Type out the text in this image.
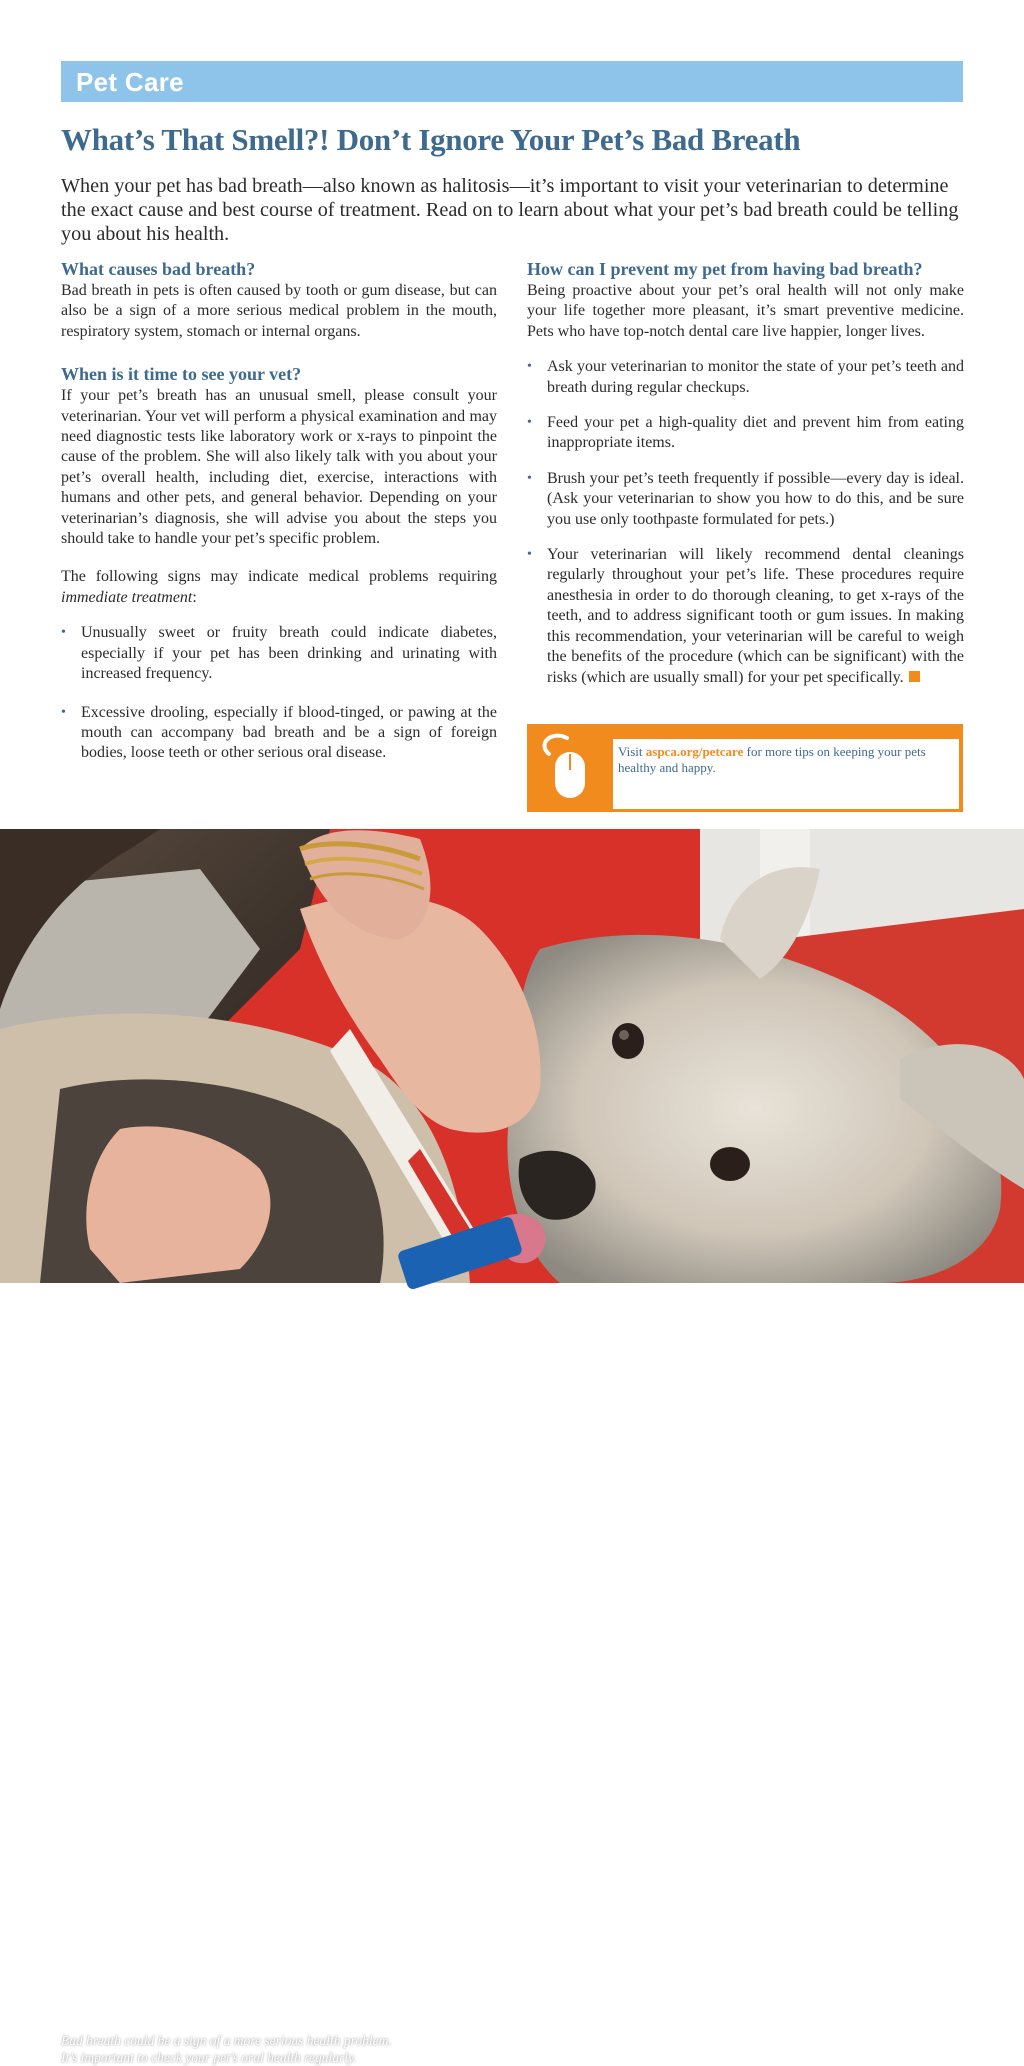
Pet Care
What’s That Smell?! Don’t Ignore Your Pet’s Bad Breath

When your pet has bad breath—also known as halitosis—it’s important to visit your veterinarian to determine the exact cause and best course of treatment. Read on to learn about what your pet’s bad breath could be telling you about his health.

What causes bad breath?

Bad breath in pets is often caused by tooth or gum disease, but can also be a sign of a more serious medical problem in the mouth, respiratory system, stomach or internal organs.

When is it time to see your vet?

If your pet’s breath has an unusual smell, please consult your veterinarian. Your vet will perform a physical examination and may need diagnostic tests like laboratory work or x-rays to pinpoint the cause of the problem. She will also likely talk with you about your pet’s overall health, including diet, exercise, interactions with humans and other pets, and general behavior. Depending on your veterinarian’s diagnosis, she will advise you about the steps you should take to handle your pet’s specific problem.

The following signs may indicate medical problems requiring immediate treatment:

• Unusually sweet or fruity breath could indicate diabetes, especially if your pet has been drinking and urinating with increased frequency.
• Excessive drooling, especially if blood-tinged, or pawing at the mouth can accompany bad breath and be a sign of foreign bodies, loose teeth or other serious oral disease.
How can I prevent my pet from having bad breath?

Being proactive about your pet’s oral health will not only make your life together more pleasant, it’s smart preventive medicine. Pets who have top-notch dental care live happier, longer lives.

• Ask your veterinarian to monitor the state of your pet’s teeth and breath during regular checkups.
• Feed your pet a high-quality diet and prevent him from eating inappropriate items.
• Brush your pet’s teeth frequently if possible—every day is ideal. (Ask your veterinarian to show you how to do this, and be sure you use only toothpaste formulated for pets.)
• Your veterinarian will likely recommend dental cleanings regularly throughout your pet’s life. These procedures require anesthesia in order to do thorough cleaning, to get x-rays of the teeth, and to address significant tooth or gum issues. In making this recommendation, your veterinarian will be careful to weigh the benefits of the procedure (which can be significant) with the risks (which are usually small) for your pet specifically.

Visit aspca.org/petcare for more tips on keeping your pets healthy and happy.

Bad breath could be a sign of a more serious health problem.
It’s important to check your pet’s oral health regularly.
